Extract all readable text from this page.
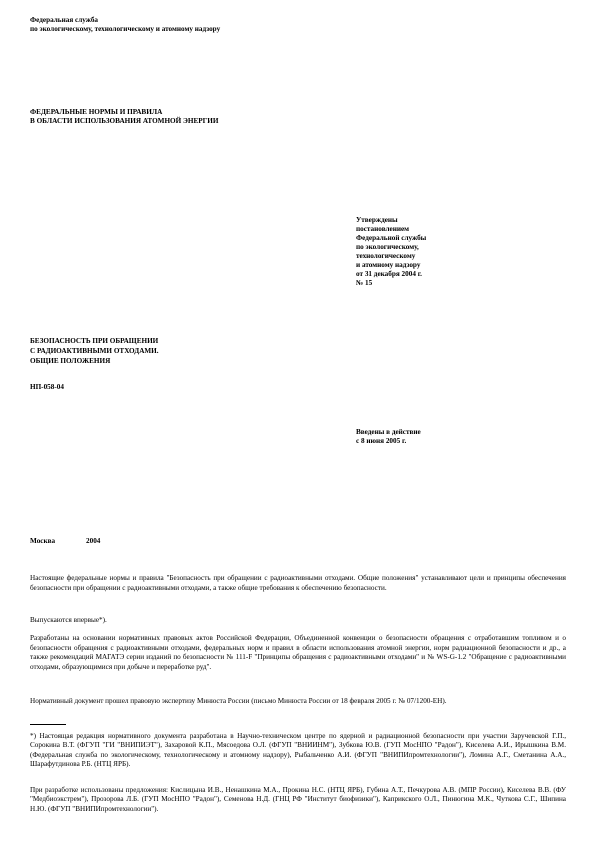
Федеральная служба
по экологическому, технологическому и атомному надзору
ФЕДЕРАЛЬНЫЕ НОРМЫ И ПРАВИЛА
В ОБЛАСТИ ИСПОЛЬЗОВАНИЯ АТОМНОЙ ЭНЕРГИИ
Утверждены
постановлением
Федеральной службы
по экологическому,
технологическому
и атомному надзору
от 31 декабря 2004 г.
№ 15
БЕЗОПАСНОСТЬ ПРИ ОБРАЩЕНИИ
С РАДИОАКТИВНЫМИ ОТХОДАМИ.
ОБЩИЕ ПОЛОЖЕНИЯ
НП-058-04
Введены в действие
с 8 июня 2005 г.
Москва	2004
Настоящие федеральные нормы и правила "Безопасность при обращении с радиоактивными отходами. Общие положения" устанавливают цели и принципы обеспечения безопасности при обращении с радиоактивными отходами, а также общие требования к обеспечению безопасности.
Выпускаются впервые*).
Разработаны на основании нормативных правовых актов Российской Федерации, Объединенной конвенции о безопасности обращения с отработавшим топливом и о безопасности обращения с радиоактивными отходами, федеральных норм и правил в области использования атомной энергии, норм радиационной безопасности и др., а также рекомендаций МАГАТЭ серии изданий по безопасности № 111-F "Принципы обращения с радиоактивными отходами" и № WS-G-1.2 "Обращение с радиоактивными отходами, образующимися при добыче и переработке руд".
Нормативный документ прошел правовую экспертизу Минюста России (письмо Минюста России от 18 февраля 2005 г. № 07/1200-ЕН).
*) Настоящая редакция нормативного документа разработана в Научно-техническом центре по ядерной и радиационной безопасности при участии Заручевской Г.П., Сорокина В.Т. (ФГУП "ГИ "ВНИПИЭТ"), Захаровой К.П., Мясоедова О.Л. (ФГУП "ВНИИНМ"), Зубкова Ю.В. (ГУП МосНПО "Радон"), Киселева А.И., Ирышкина В.М. (Федеральная служба по экологическому, технологическому и атомному надзору), Рыбальченко А.И. (ФГУП "ВНИПИпромтехнологии"), Ломина А.Г., Сметанина А.А., Шарафутдинова Р.Б. (НТЦ ЯРБ).
При разработке использованы предложения: Кислицына И.В., Ненашкина М.А., Прокина Н.С. (НТЦ ЯРБ), Губина А.Т., Печкурова А.В. (МПР России), Киселева В.В. (ФУ "Медбиоэкстрем"), Прозорова Л.Б. (ГУП МосНПО "Радон"), Семенова Н.Д. (ГНЦ РФ "Институт биофизики"), Каприкского О.Л., Пинюгина М.К., Чуткова С.Г., Шипина Н.Ю. (ФГУП "ВНИПИпромтехнологии").
